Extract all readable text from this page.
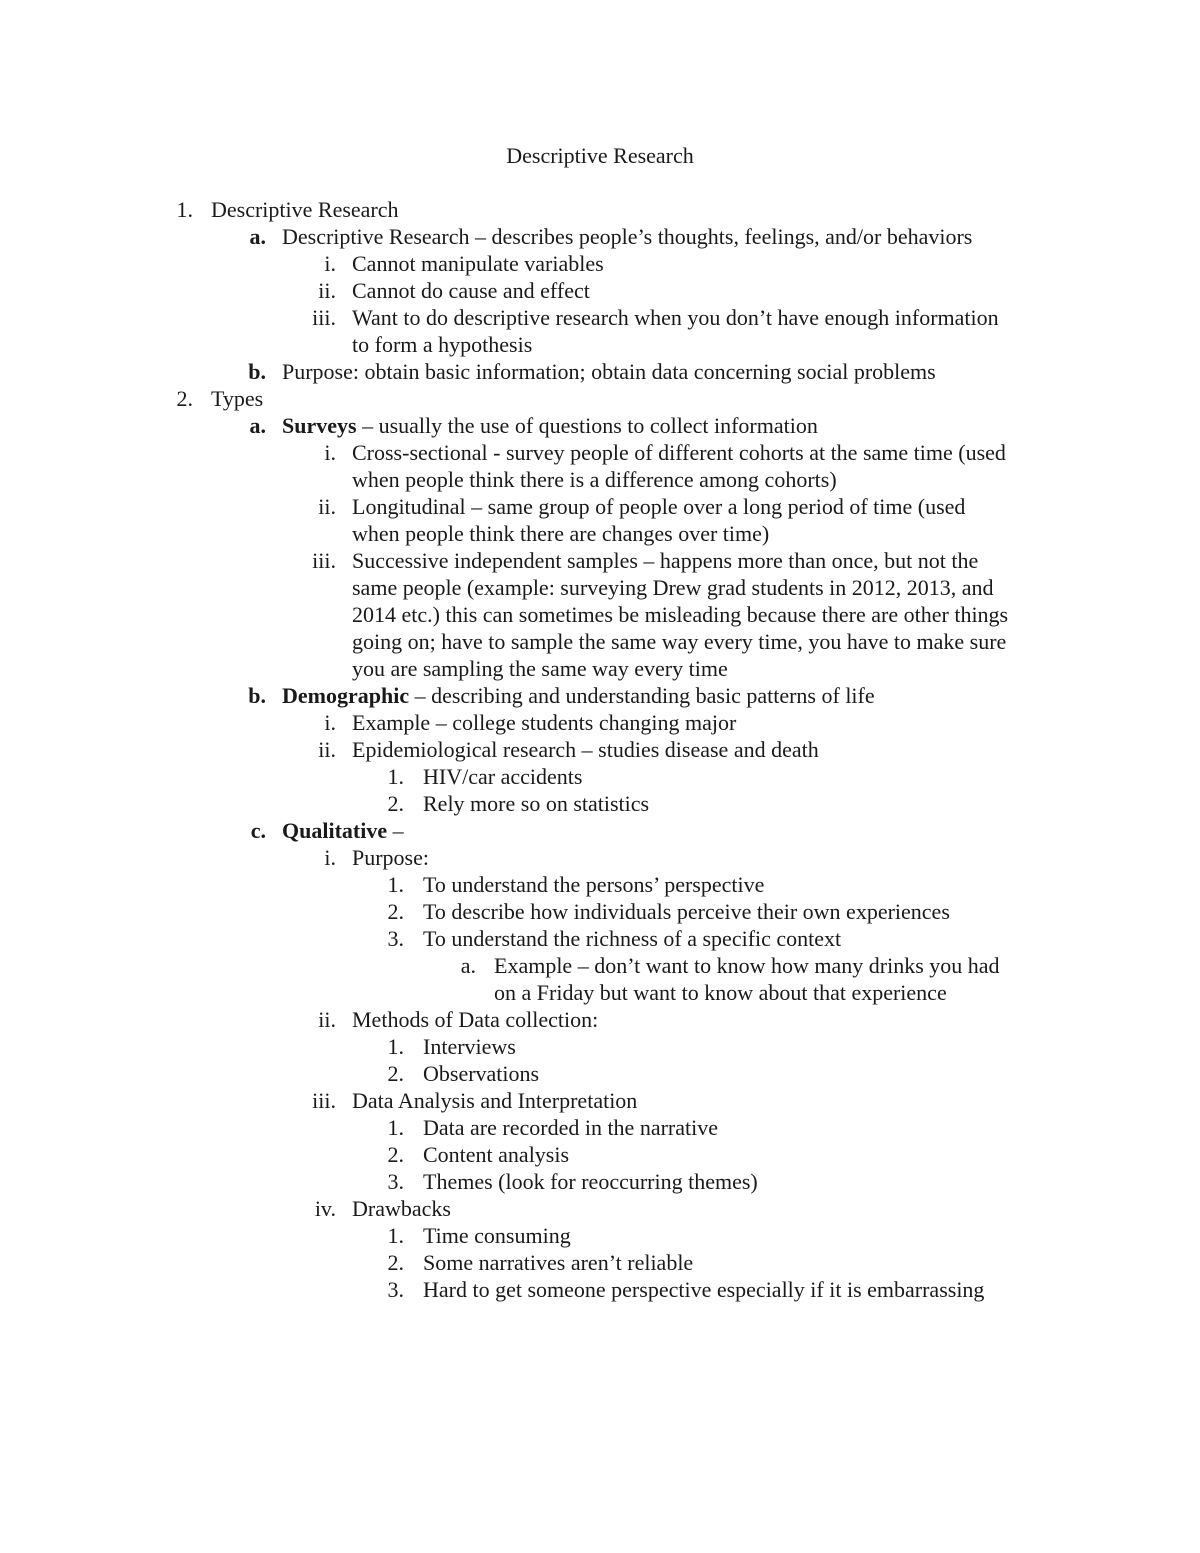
Descriptive Research
1. Descriptive Research
a. Descriptive Research – describes people’s thoughts, feelings, and/or behaviors
i. Cannot manipulate variables
ii. Cannot do cause and effect
iii. Want to do descriptive research when you don’t have enough information
to form a hypothesis
b. Purpose: obtain basic information; obtain data concerning social problems
2. Types
a. Surveys – usually the use of questions to collect information
i. Cross-sectional - survey people of different cohorts at the same time (used
when people think there is a difference among cohorts)
ii. Longitudinal – same group of people over a long period of time (used
when people think there are changes over time)
iii. Successive independent samples – happens more than once, but not the
same people (example: surveying Drew grad students in 2012, 2013, and
2014 etc.) this can sometimes be misleading because there are other things
going on; have to sample the same way every time, you have to make sure
you are sampling the same way every time
b. Demographic – describing and understanding basic patterns of life
i. Example – college students changing major
ii. Epidemiological research – studies disease and death
1. HIV/car accidents
2. Rely more so on statistics
c. Qualitative –
i. Purpose:
1. To understand the persons’ perspective
2. To describe how individuals perceive their own experiences
3. To understand the richness of a specific context
a. Example – don’t want to know how many drinks you had
on a Friday but want to know about that experience
ii. Methods of Data collection:
1. Interviews
2. Observations
iii. Data Analysis and Interpretation
1. Data are recorded in the narrative
2. Content analysis
3. Themes (look for reoccurring themes)
iv. Drawbacks
1. Time consuming
2. Some narratives aren’t reliable
3. Hard to get someone perspective especially if it is embarrassing
